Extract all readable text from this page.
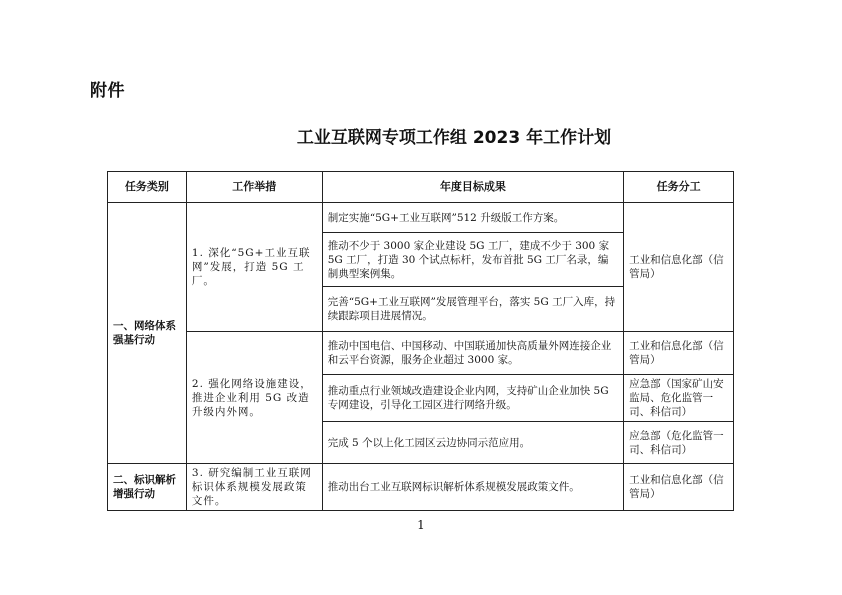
附件
工业互联网专项工作组 2023 年工作计划
任务类别	工作举措	年度目标成果	任务分工
一、网络体系强基行动	1. 深化“5G+工业互联网”发展，打造 5G 工厂。	制定实施“5G+工业互联网”512 升级版工作方案。	工业和信息化部（信管局）
		推动不少于 3000 家企业建设 5G 工厂，建成不少于 300 家 5G 工厂，打造 30 个试点标杆，发布首批 5G 工厂名录，编制典型案例集。	
		完善“5G+工业互联网”发展管理平台，落实 5G 工厂入库，持续跟踪项目进展情况。	
	2. 强化网络设施建设，推进企业利用 5G 改造升级内外网。	推动中国电信、中国移动、中国联通加快高质量外网连接企业和云平台资源，服务企业超过 3000 家。	工业和信息化部（信管局）
		推动重点行业领域改造建设企业内网，支持矿山企业加快 5G 专网建设，引导化工园区进行网络升级。	应急部（国家矿山安监局、危化监管一司、科信司）
		完成 5 个以上化工园区云边协同示范应用。	应急部（危化监管一司、科信司）
二、标识解析增强行动	3. 研究编制工业互联网标识体系规模发展政策文件。	推动出台工业互联网标识解析体系规模发展政策文件。	工业和信息化部（信管局）
1
